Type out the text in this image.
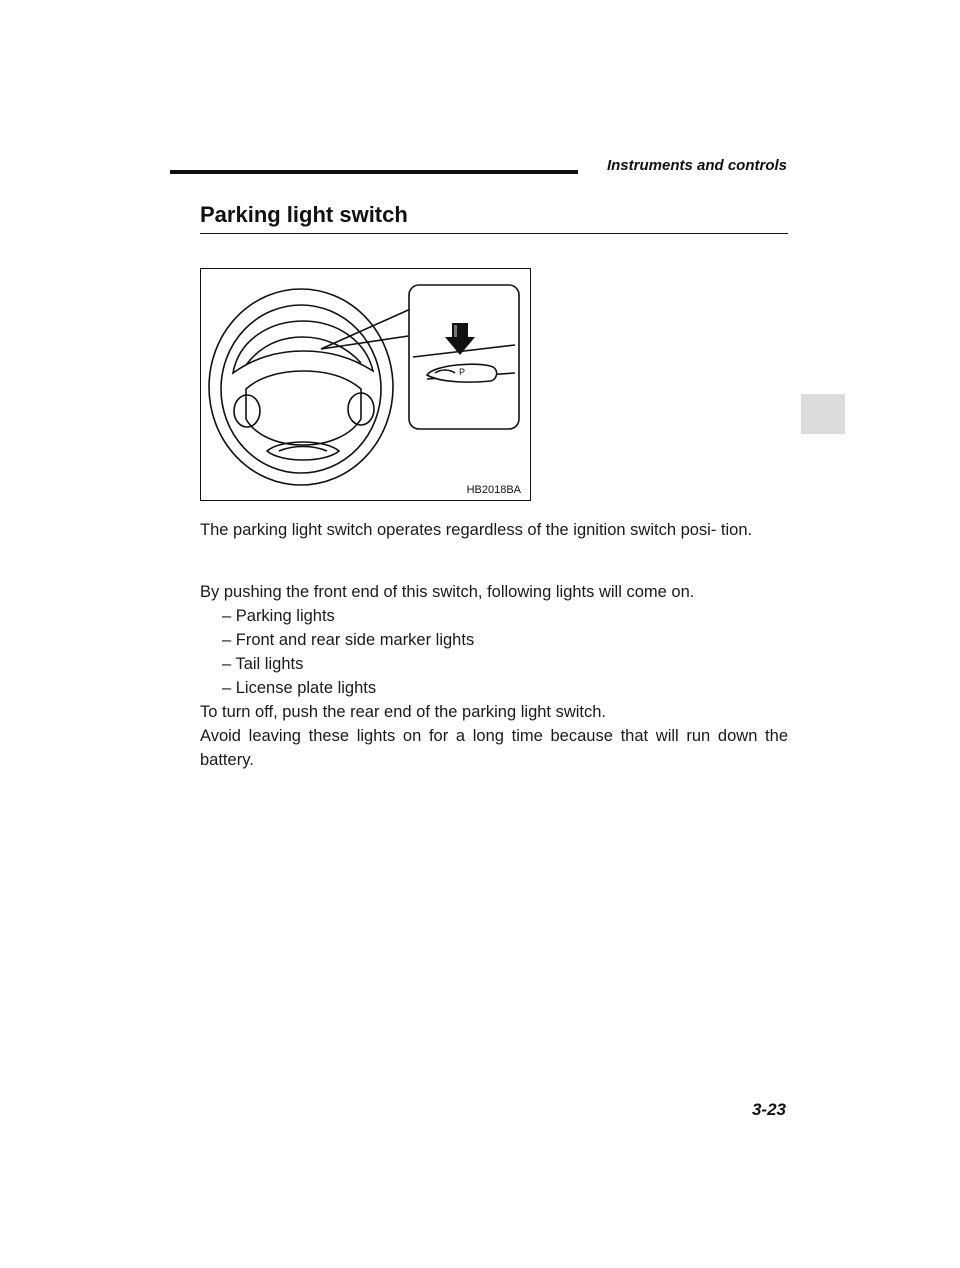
Instruments and controls
Parking light switch
P
HB2018BA
The parking light switch operates regardless of the ignition switch posi- tion.
By pushing the front end of this switch, following lights will come on.
– Parking lights
– Front and rear side marker lights
– Tail lights
– License plate lights
To turn off, push the rear end of the parking light switch.
Avoid leaving these lights on for a long time because that will run down the battery.
3-23
